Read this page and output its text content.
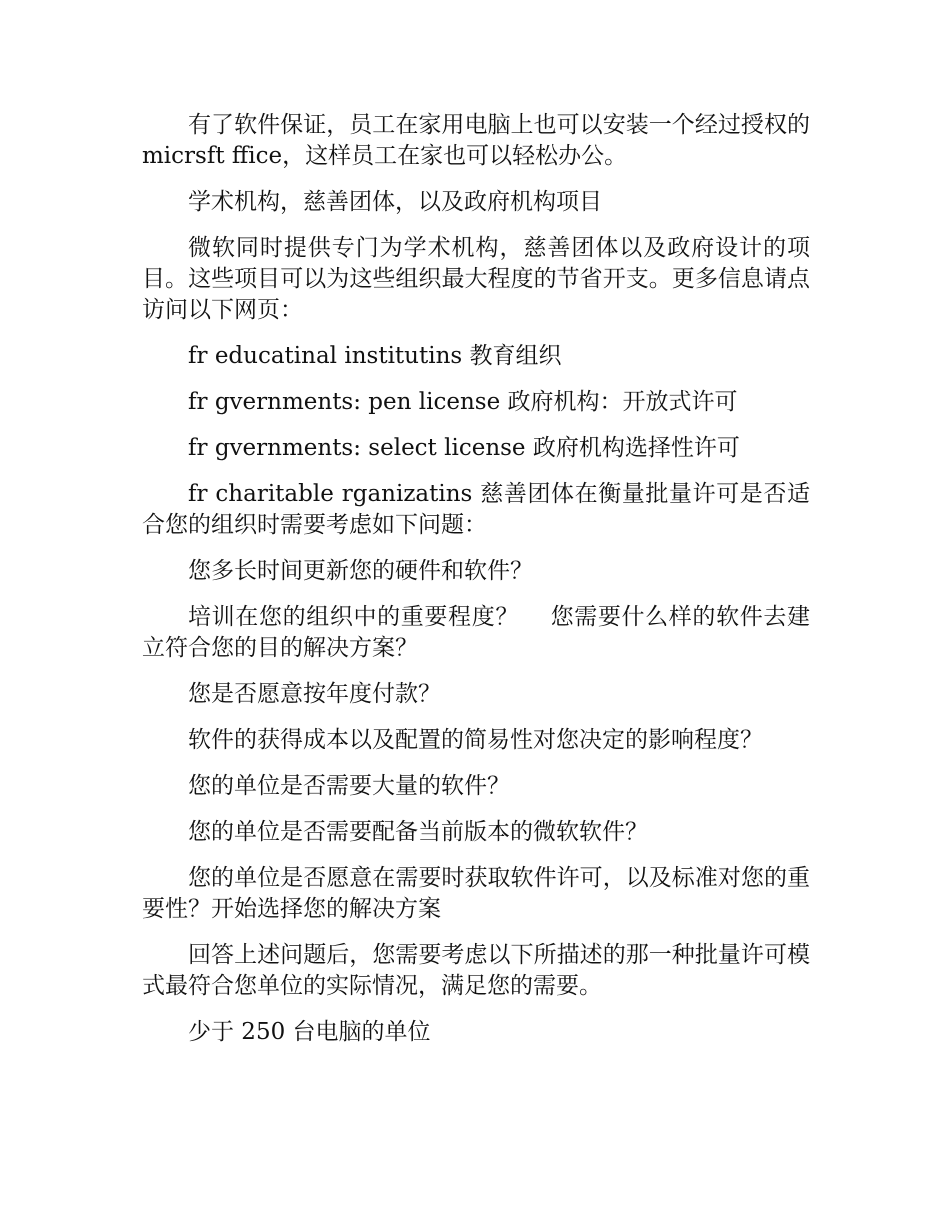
有了软件保证，员工在家用电脑上也可以安装一个经过授权的 micrsft ffice，这样员工在家也可以轻松办公。

学术机构，慈善团体，以及政府机构项目

微软同时提供专门为学术机构，慈善团体以及政府设计的项目。这些项目可以为这些组织最大程度的节省开支。更多信息请点访问以下网页：

fr educatinal institutins 教育组织

fr gvernments: pen license 政府机构：开放式许可

fr gvernments: select license 政府机构选择性许可

fr charitable rganizatins 慈善团体在衡量批量许可是否适合您的组织时需要考虑如下问题：

您多长时间更新您的硬件和软件？

培训在您的组织中的重要程度？　 您需要什么样的软件去建立符合您的目的解决方案？

您是否愿意按年度付款？

软件的获得成本以及配置的简易性对您决定的影响程度？

您的单位是否需要大量的软件？

您的单位是否需要配备当前版本的微软软件？

您的单位是否愿意在需要时获取软件许可，以及标准对您的重要性？开始选择您的解决方案

回答上述问题后，您需要考虑以下所描述的那一种批量许可模式最符合您单位的实际情况，满足您的需要。

少于 250 台电脑的单位
